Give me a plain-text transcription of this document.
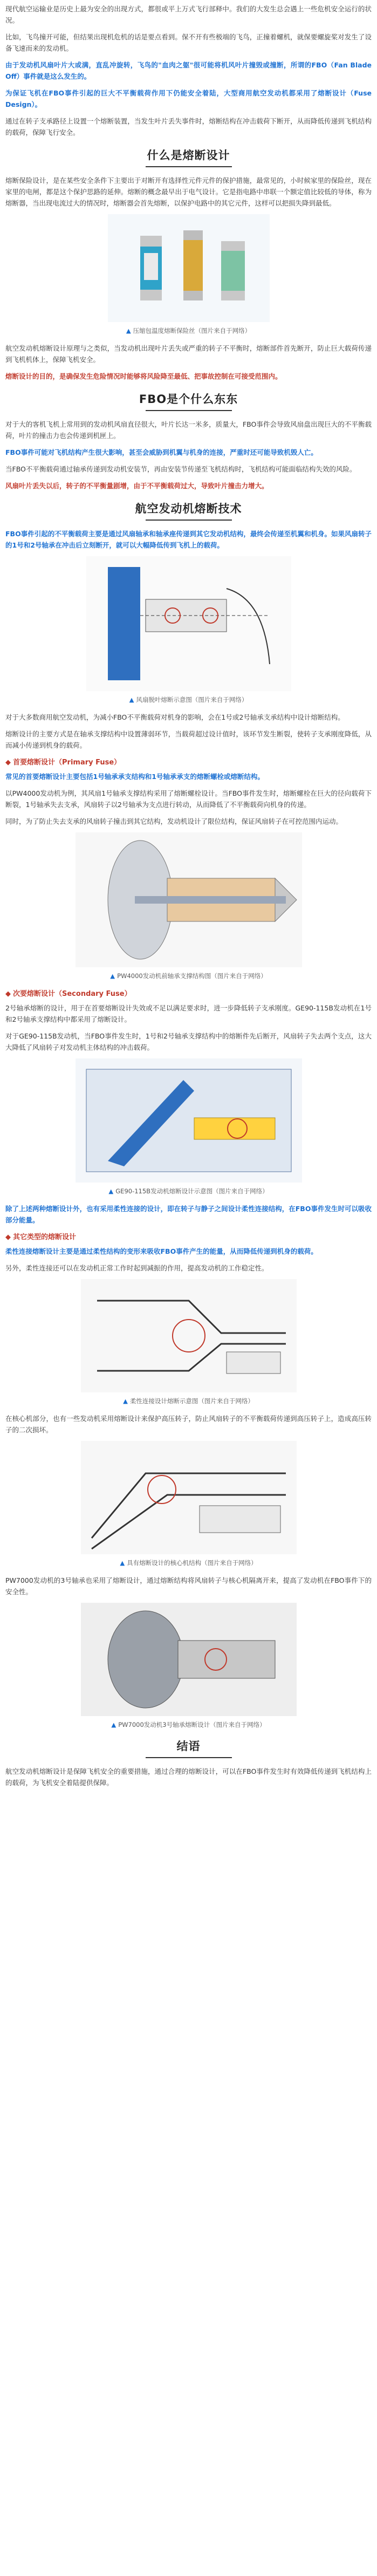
现代航空运输业是历史上最为安全的出现方式，都很或平上万式飞行部释中。我们的大发生总会遇上一些危机安全运行的状况。

比如，飞鸟撞开可能，但结果出现机危机的话是要点看到。保不开有些极端的飞鸟，正撞着螺机，就保要螺旋桨对发生了设备飞速而来的发动机。

由于发动机风扇叶片大或满，直乱冲旋转，飞鸟的"血肉之躯"很可能将机风叶片撞毁或撞断，所谓的FBO（Fan Blade Off）事件就是这么发生的。

为保证飞机在FBO事件引起的巨大不平衡载荷作用下仍能安全着陆，大型商用航空发动机都采用了熔断设计（Fuse Design）。

通过在转子支承路径上设置一个熔断装置，当发生叶片丢失事件时，熔断结构在冲击载荷下断开，从而降低传递到飞机结构的载荷，保障飞行安全。

什么是熔断设计

熔断保险设计，是在某些安全条件下主要出于对断开有选择性元件元件的保护措施，最常见的，小时候家里的保险丝，现在家里的电闸，都是这个保护思路的延伸。熔断的概念最早出于电气设计。它是指电路中串联一个额定值比较低的导体，称为熔断器，当出现电流过大的情况时，熔断器会首先熔断，以保护电路中的其它元件，这样可以把损失降到最低。

▲ 压缩包温度熔断保险丝（图片来自于网络）

航空发动机熔断设计原理与之类似，当发动机出现叶片丢失或严重的转子不平衡时，熔断部件首先断开，防止巨大载荷传递到飞机机体上，保障飞机安全。

熔断设计的目的，是确保发生危险情况时能够将风险降至最低、把事故控制在可接受范围内。

FBO是个什么东东

对于大的客机飞机上常用到的发动机风扇直径很大，叶片长达一米多，质量大，FBO事件会导致风扇盘出现巨大的不平衡载荷，叶片的撞击力也会传递到机匣上。

FBO事件可能对飞机结构产生很大影响，甚至会威胁到机翼与机身的连接，严重时还可能导致机毁人亡。

当FBO不平衡载荷通过轴承传递到发动机安装节，再由安装节传递至飞机结构时，飞机结构可能面临结构失效的风险。

风扇叶片丢失以后，转子的不平衡量剧增，由于不平衡载荷过大，导致叶片撞击力增大。

航空发动机熔断技术

FBO事件引起的不平衡载荷主要是通过风扇轴承和轴承座传递到其它发动机结构，最终会传递至机翼和机身。如果风扇转子的1号和2号轴承在冲击后立刻断开，就可以大幅降低传到飞机上的载荷。

▲ 风扇脱叶熔断示意图（图片来自于网络）

对于大多数商用航空发动机，为减小FBO不平衡载荷对机身的影响，会在1号或2号轴承支承结构中设计熔断结构。

熔断设计的主要方式是在轴承支撑结构中设置薄弱环节，当载荷超过设计值时，该环节发生断裂，使转子支承刚度降低，从而减小传递到机身的载荷。

◆ 首要熔断设计（Primary Fuse）

常见的首要熔断设计主要包括1号轴承承支结构和1号轴承承支的熔断螺栓或熔断结构。

以PW4000发动机为例，其风扇1号轴承支撑结构采用了熔断螺栓设计。当FBO事件发生时，熔断螺栓在巨大的径向载荷下断裂，1号轴承失去支承，风扇转子以2号轴承为支点进行转动，从而降低了不平衡载荷向机身的传递。

同时，为了防止失去支承的风扇转子撞击到其它结构，发动机设计了限位结构，保证风扇转子在可控范围内运动。

▲ PW4000发动机前轴承支撑结构图（图片来自于网络）
◆ 次要熔断设计（Secondary Fuse）

2号轴承熔断的设计，用于在首要熔断设计失效或不足以满足要求时，进一步降低转子支承刚度。GE90-115B发动机在1号和2号轴承支撑结构中都采用了熔断设计。

对于GE90-115B发动机，当FBO事件发生时，1号和2号轴承支撑结构中的熔断件先后断开，风扇转子失去两个支点，这大大降低了风扇转子对发动机主体结构的冲击载荷。

▲ GE90-115B发动机熔断设计示意图（图片来自于网络）

除了上述两种熔断设计外，也有采用柔性连接的设计，即在转子与静子之间设计柔性连接结构，在FBO事件发生时可以吸收部分能量。

◆ 其它类型的熔断设计

柔性连接熔断设计主要是通过柔性结构的变形来吸收FBO事件产生的能量，从而降低传递到机身的载荷。

另外，柔性连接还可以在发动机正常工作时起到减振的作用，提高发动机的工作稳定性。

▲ 柔性连接设计熔断示意图（图片来自于网络）

在核心机部分，也有一些发动机采用熔断设计来保护高压转子，防止风扇转子的不平衡载荷传递到高压转子上，造成高压转子的二次损坏。

▲ 具有熔断设计的核心机结构（图片来自于网络）

PW7000发动机的3号轴承也采用了熔断设计，通过熔断结构将风扇转子与核心机隔离开来，提高了发动机在FBO事件下的安全性。

▲ PW7000发动机3号轴承熔断设计（图片来自于网络）
结语

航空发动机熔断设计是保障飞机安全的重要措施，通过合理的熔断设计，可以在FBO事件发生时有效降低传递到飞机结构上的载荷，为飞机安全着陆提供保障。
